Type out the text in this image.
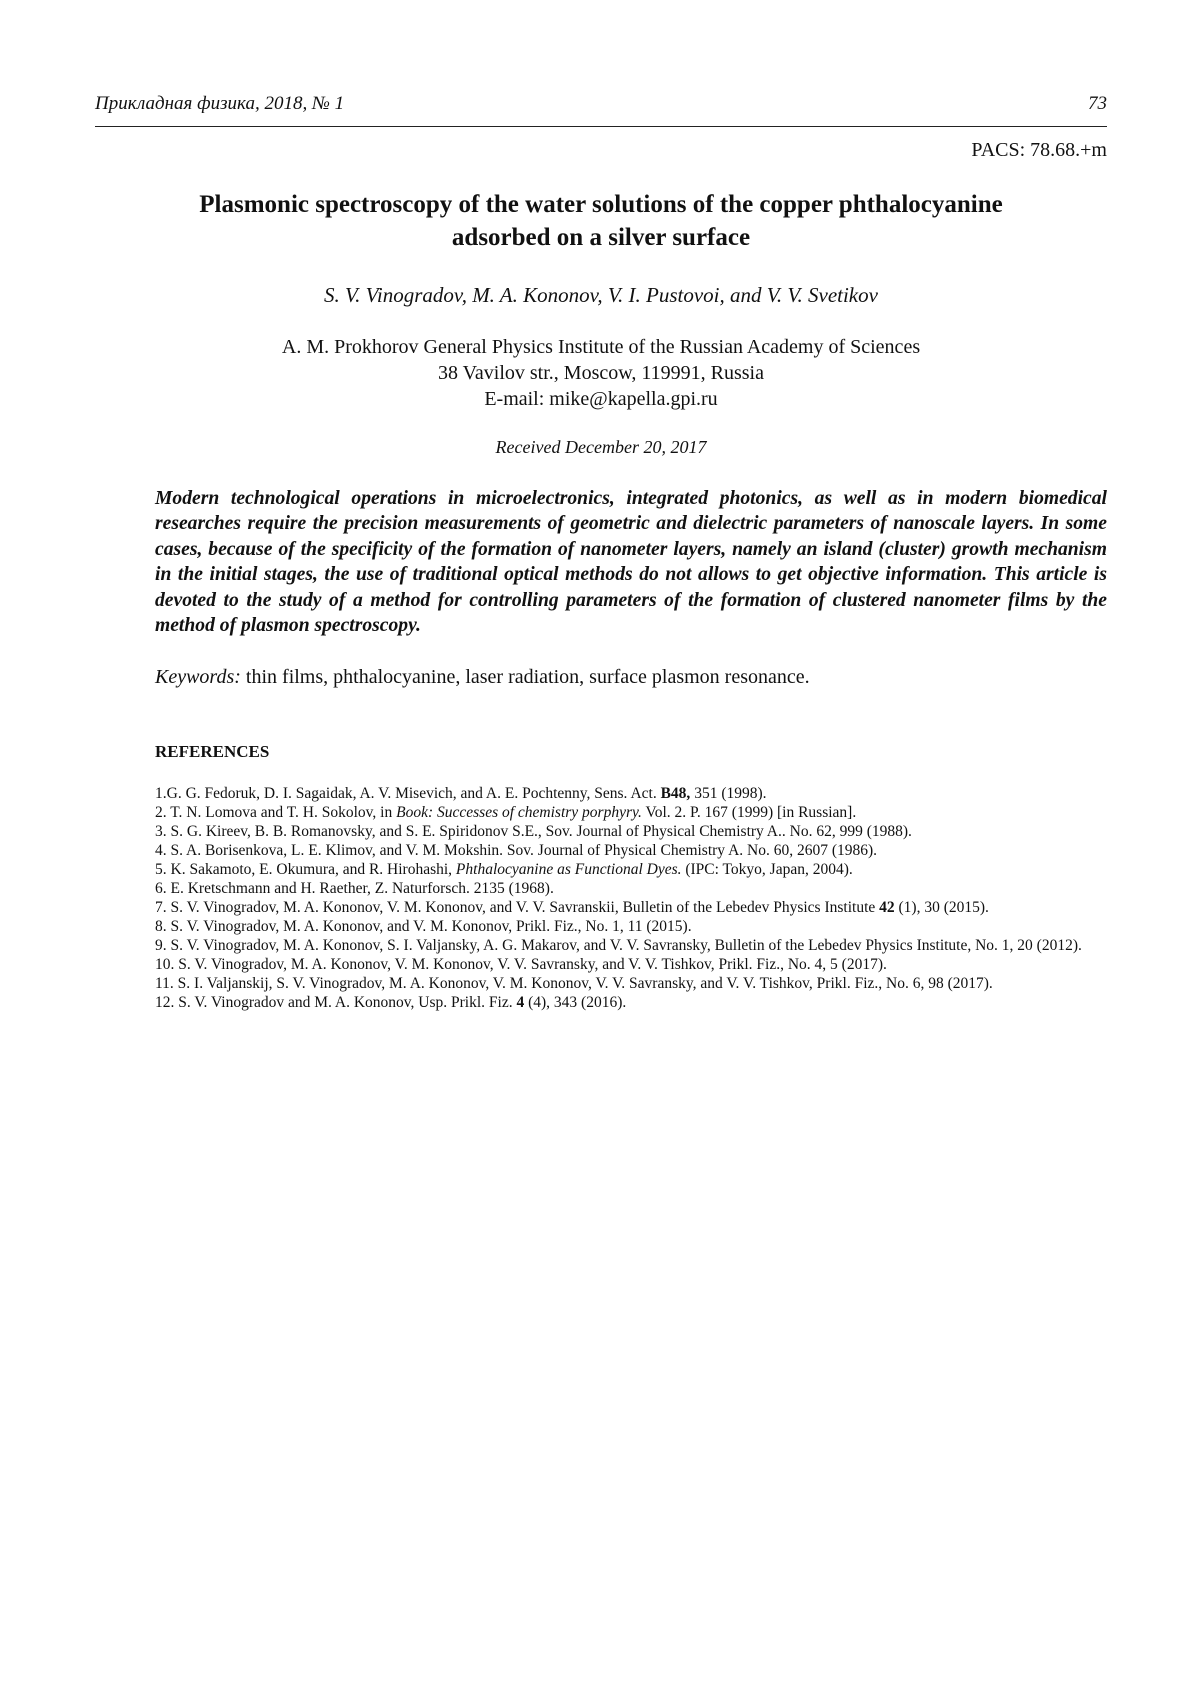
Прикладная физика, 2018, № 1	73
PACS: 78.68.+m
Plasmonic spectroscopy of the water solutions of the copper phthalocyanine
adsorbed on a silver surface
S. V. Vinogradov, M. A. Kononov, V. I. Pustovoi, and V. V. Svetikov
A. M. Prokhorov General Physics Institute of the Russian Academy of Sciences
38 Vavilov str., Moscow, 119991, Russia
E-mail: mike@kapella.gpi.ru
Received December 20, 2017
Modern technological operations in microelectronics, integrated photonics, as well as in modern biomedical researches require the precision measurements of geometric and dielectric parameters of nanoscale layers. In some cases, because of the specificity of the formation of nanometer layers, namely an island (cluster) growth mechanism in the initial stages, the use of traditional optical methods do not allows to get objective information. This article is devoted to the study of a method for controlling parameters of the formation of clustered nanometer films by the method of plasmon spectroscopy.
Keywords: thin films, phthalocyanine, laser radiation, surface plasmon resonance.
REFERENCES

1.G. G. Fedoruk, D. I. Sagaidak, A. V. Misevich, and A. E. Pochtenny, Sens. Act. B48, 351 (1998).

2. T. N. Lomova and T. H. Sokolov, in Book: Successes of chemistry porphyry. Vol. 2. P. 167 (1999) [in Russian].

3. S. G. Kireev, B. B. Romanovsky, and S. E. Spiridonov S.E., Sov. Journal of Physical Chemistry A.. No. 62, 999 (1988).

4. S. A. Borisenkova, L. E. Klimov, and V. M. Mokshin. Sov. Journal of Physical Chemistry A. No. 60, 2607 (1986).

5. K. Sakamoto, E. Okumura, and R. Hirohashi, Phthalocyanine as Functional Dyes. (IPC: Tokyo, Japan, 2004).

6. E. Kretschmann and H. Raether, Z. Naturforsch. 2135 (1968).

7. S. V. Vinogradov, M. A. Kononov, V. M. Kononov, and V. V. Savranskii, Bulletin of the Lebedev Physics Institute 42 (1), 30 (2015).

8. S. V. Vinogradov, M. A. Kononov, and V. M. Kononov, Prikl. Fiz., No. 1, 11 (2015).

9. S. V. Vinogradov, M. A. Kononov, S. I. Valjansky, A. G. Makarov, and V. V. Savransky, Bulletin of the Lebedev Physics Institute, No. 1, 20 (2012).

10. S. V. Vinogradov, M. A. Kononov, V. M. Kononov, V. V. Savransky, and V. V. Tishkov, Prikl. Fiz., No. 4, 5 (2017).

11. S. I. Valjanskij, S. V. Vinogradov, M. A. Kononov, V. M. Kononov, V. V. Savransky, and V. V. Tishkov, Prikl. Fiz., No. 6, 98 (2017).

12. S. V. Vinogradov and M. A. Kononov, Usp. Prikl. Fiz. 4 (4), 343 (2016).
